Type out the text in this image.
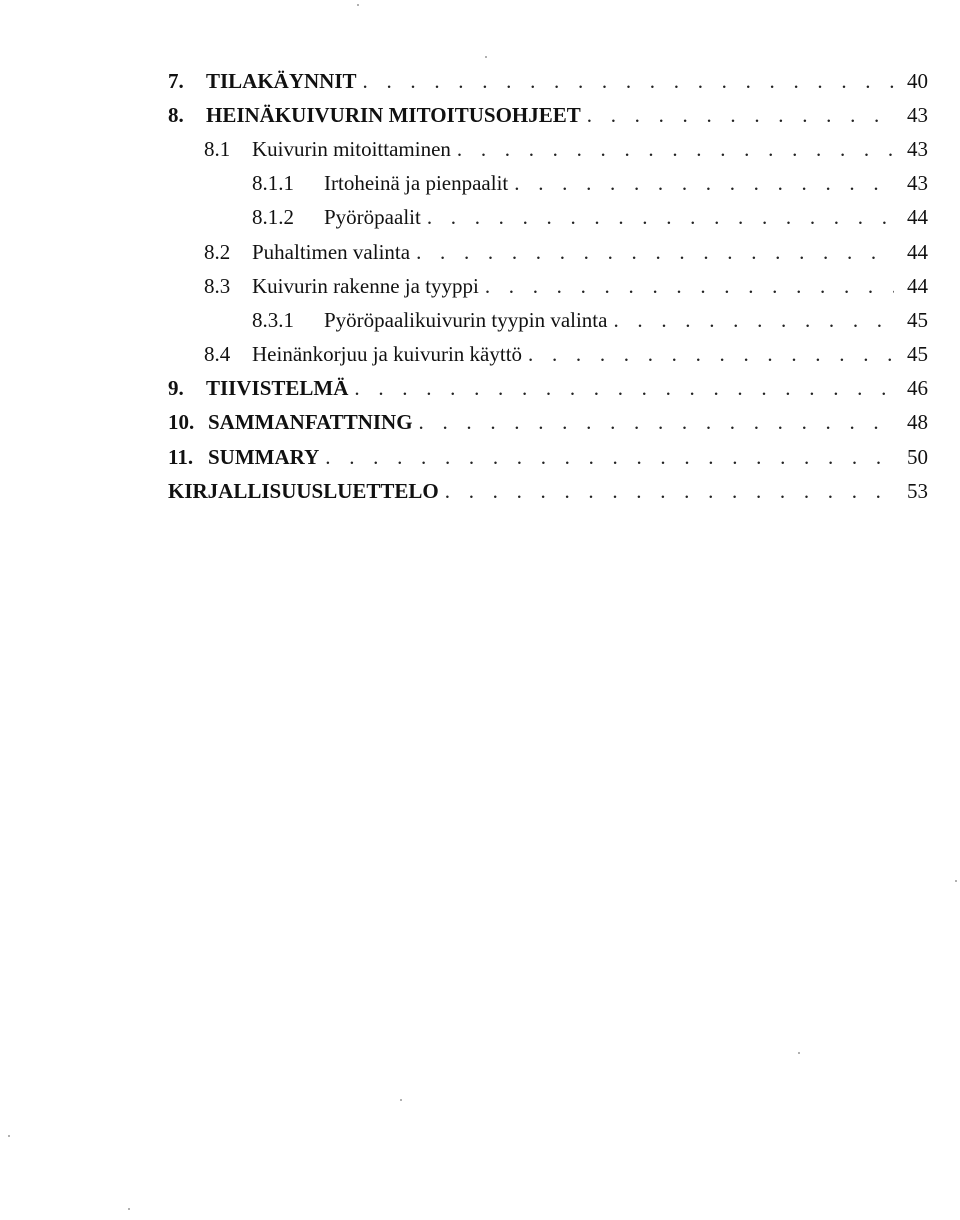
7.	TILAKÄYNNIT . . .	40
8.	HEINÄKUIVURIN MITOITUSOHJEET . . .	43
8.1	Kuivurin mitoittaminen . . .	43
8.1.1	Irtoheinä ja pienpaalit . . .	43
8.1.2	Pyöröpaalit . . .	44
8.2	Puhaltimen valinta . . .	44
8.3	Kuivurin rakenne ja tyyppi . . .	44
8.3.1	Pyöröpaalikuivurin tyypin valinta . . .	45
8.4	Heinänkorjuu ja kuivurin käyttö . . .	45
9.	TIIVISTELMÄ . . .	46
10. SAMMANFATTNING . . .	48
11. SUMMARY . . .	50
KIRJALLISUUSLUETTELO . . .	53
